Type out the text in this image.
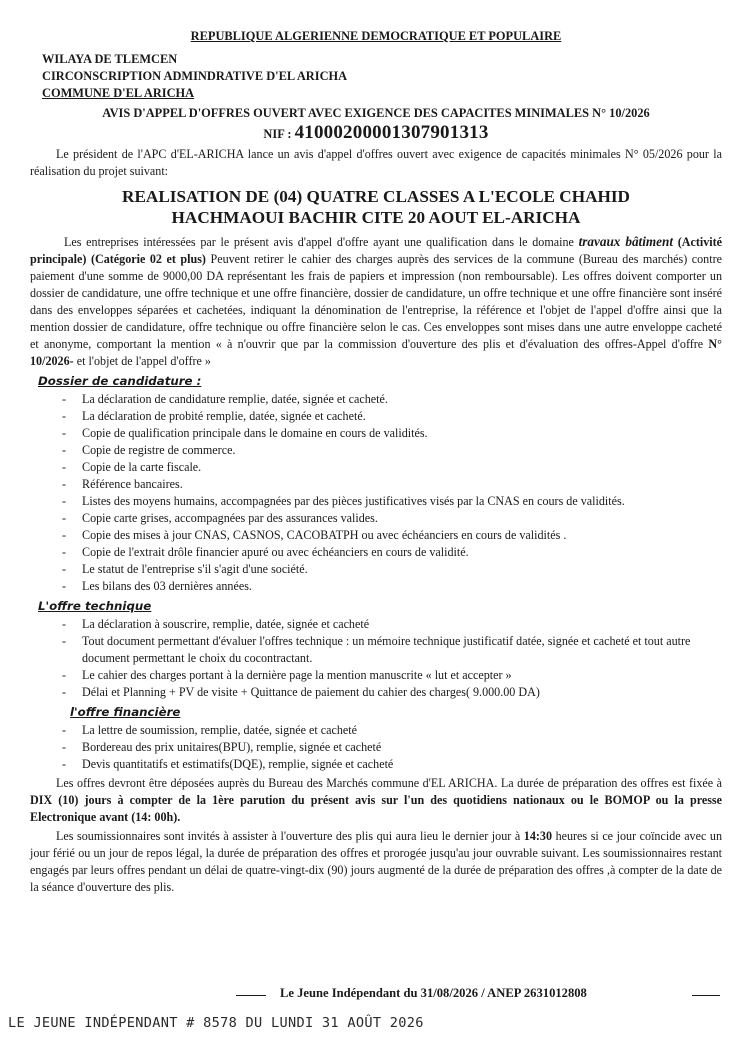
REPUBLIQUE ALGERIENNE DEMOCRATIQUE ET POPULAIRE
WILAYA DE TLEMCEN
CIRCONSCRIPTION ADMINDRATIVE D'EL ARICHA
COMMUNE D'EL ARICHA
AVIS D'APPEL D'OFFRES OUVERT AVEC EXIGENCE DES CAPACITES MINIMALES N° 10/2026
NIF : 410002000013079013​13
Le président de l'APC d'EL-ARICHA lance un avis d'appel d'offres ouvert avec exigence de capacités minimales N° 05/2026 pour la réalisation du projet suivant:
REALISATION DE (04) QUATRE CLASSES A L'ECOLE CHAHID
HACHMAOUI BACHIR CITE 20 AOUT EL-ARICHA
Les entreprises intéressées par le présent avis d'appel d'offre ayant une qualification dans le domaine travaux bâtiment (Activité principale) (Catégorie 02 et plus) Peuvent retirer le cahier des charges auprès des services de la commune (Bureau des marchés) contre paiement d'une somme de 9000,00 DA représentant les frais de papiers et impression (non remboursable). Les offres doivent comporter un dossier de candidature, une offre technique et une offre financière, dossier de candidature, un offre technique et une offre financière sont inséré dans des enveloppes séparées et cachetées, indiquant la dénomination de l'entreprise, la référence et l'objet de l'appel d'offre ainsi que la mention dossier de candidature, offre technique ou offre financière selon le cas. Ces enveloppes sont mises dans une autre enveloppe cacheté et anonyme, comportant la mention « à n'ouvrir que par la commission d'ouverture des plis et d'évaluation des offres-Appel d'offre N° 10/2026- et l'objet de l'appel d'offre »
Dossier de candidature :
- La déclaration de candidature remplie, datée, signée et cacheté.
- La déclaration de probité remplie, datée, signée et cacheté.
- Copie de qualification principale dans le domaine en cours de validités.
- Copie de registre de commerce.
- Copie de la carte fiscale.
- Référence bancaires.
- Listes des moyens humains, accompagnées par des pièces justificatives visés par la CNAS en cours de validités.
- Copie carte grises, accompagnées par des assurances valides.
- Copie des mises à jour CNAS, CASNOS, CACOBATPH ou avec échéanciers en cours de validités .
- Copie de l'extrait drôle financier apuré ou avec échéanciers en cours de validité.
- Le statut de l'entreprise s'il s'agit d'une société.
- Les bilans des 03 dernières années.
L'offre technique
- La déclaration à souscrire, remplie, datée, signée et cacheté
- Tout document permettant d'évaluer l'offres technique : un mémoire technique justificatif datée, signée et cacheté et tout autre document permettant le choix du cocontractant.
- Le cahier des charges portant à la dernière page la mention manuscrite « lut et accepter »
- Délai et Planning + PV de visite + Quittance de paiement du cahier des charges( 9.000.00 DA)
l'offre financière
- La lettre de soumission, remplie, datée, signée et cacheté
- Bordereau des prix unitaires(BPU), remplie, signée et cacheté
- Devis quantitatifs et estimatifs(DQE), remplie, signée et cacheté
Les offres devront être déposées auprès du Bureau des Marchés commune d'EL ARICHA. La durée de préparation des offres est fixée à DIX (10) jours à compter de la 1ère parution du présent avis sur l'un des quotidiens nationaux ou le BOMOP ou la presse Electronique avant (14: 00h).
Les soumissionnaires sont invités à assister à l'ouverture des plis qui aura lieu le dernier jour à 14:30 heures si ce jour coïncide avec un jour férié ou un jour de repos légal, la durée de préparation des offres et prorogée jusqu'au jour ouvrable suivant. Les soumissionnaires restant engagés par leurs offres pendant un délai de quatre-vingt-dix (90) jours augmenté de la durée de préparation des offres ,à compter de la date de la séance d'ouverture des plis.
Le Jeune Indépendant du 31/08/2026 / ANEP 2631012808
LE JEUNE INDÉPENDANT # 8578 DU LUNDI 31 AOÛT 2026
